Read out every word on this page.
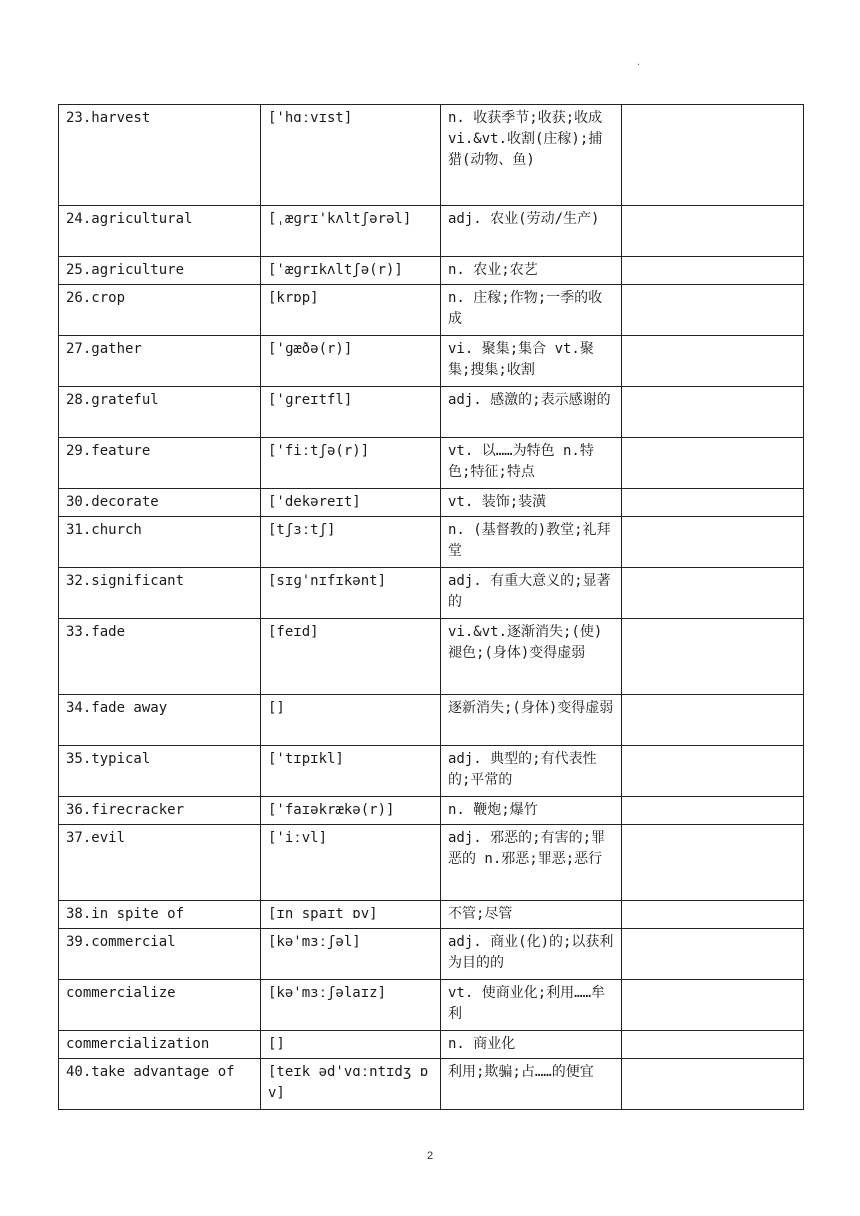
.
23.harvest	['hɑːvɪst]	n. 收获季节;收获;收成 vi.&vt.收割(庄稼);捕猎(动物、鱼)	
24.agricultural	[ˌæɡrɪ'kʌltʃərəl]	adj. 农业(劳动/生产)	
25.agriculture	['æɡrɪkʌltʃə(r)]	n. 农业;农艺	
26.crop	[krɒp]	n. 庄稼;作物;一季的收成	
27.gather	['ɡæðə(r)]	vi. 聚集;集合 vt.聚集;搜集;收割	
28.grateful	['ɡreɪtfl]	adj. 感激的;表示感谢的	
29.feature	['fiːtʃə(r)]	vt. 以……为特色 n.特色;特征;特点	
30.decorate	['dekəreɪt]	vt. 装饰;装潢	
31.church	[tʃɜːtʃ]	n. (基督教的)教堂;礼拜堂	
32.significant	[sɪɡ'nɪfɪkənt]	adj. 有重大意义的;显著的	
33.fade	[feɪd]	vi.&vt.逐渐消失;(使)褪色;(身体)变得虚弱	
34.fade away	[]	逐新消失;(身体)变得虚弱	
35.typical	['tɪpɪkl]	adj. 典型的;有代表性的;平常的	
36.firecracker	['faɪəkrækə(r)]	n. 鞭炮;爆竹	
37.evil	['iːvl]	adj. 邪恶的;有害的;罪恶的 n.邪恶;罪恶;恶行	
38.in spite of	[ɪn spaɪt ɒv]	不管;尽管	
39.commercial	[kə'mɜːʃəl]	adj. 商业(化)的;以获利为目的的	
commercialize	[kə'mɜːʃəlaɪz]	vt. 使商业化;利用……牟利	
commercialization	[]	n. 商业化	
40.take advantage of	[teɪk əd'vɑːntɪdʒ ɒv]	利用;欺骗;占……的便宜	
2
